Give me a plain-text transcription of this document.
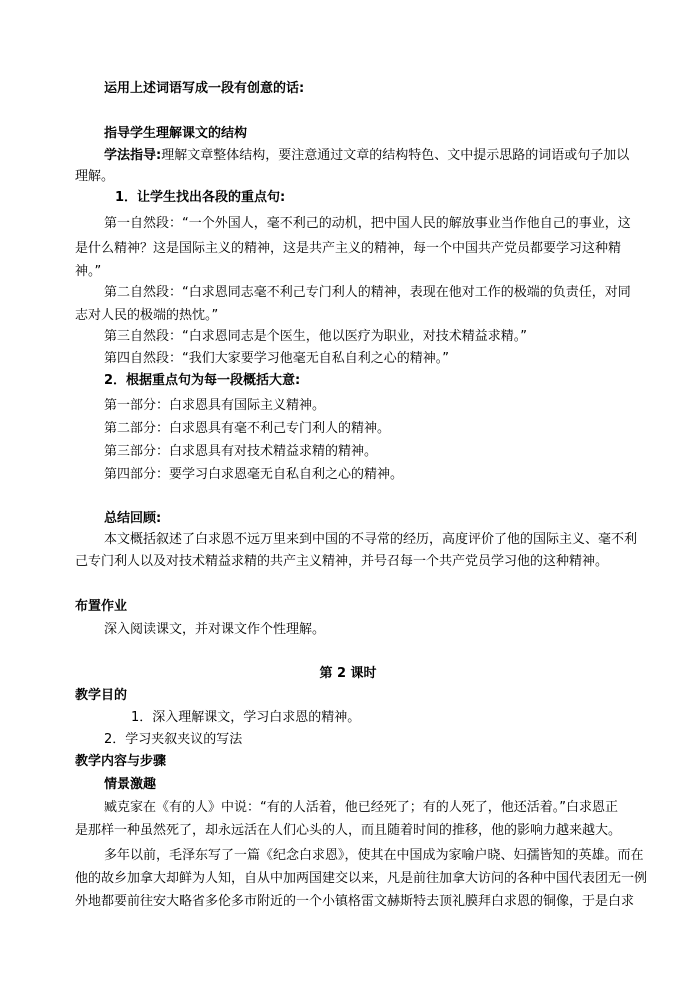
运用上述词语写成一段有创意的话:
指导学生理解课文的结构
学法指导:理解文章整体结构，要注意通过文章的结构特色、文中提示思路的词语或句子加以
理解。
1．让学生找出各段的重点句:
第一自然段：“一个外国人，毫不利己的动机，把中国人民的解放事业当作他自己的事业，这
是什么精神？这是国际主义的精神，这是共产主义的精神，每一个中国共产党员都要学习这种精
神。”
第二自然段：“白求恩同志毫不利己专门利人的精神，表现在他对工作的极端的负责任，对同
志对人民的极端的热忱。”
第三自然段：“白求恩同志是个医生，他以医疗为职业，对技术精益求精。”
第四自然段：“我们大家要学习他毫无自私自利之心的精神。”
2．根据重点句为每一段概括大意:
第一部分：白求恩具有国际主义精神。
第二部分：白求恩具有毫不利己专门利人的精神。
第三部分：白求恩具有对技术精益求精的精神。
第四部分：要学习白求恩毫无自私自利之心的精神。
总结回顾:
本文概括叙述了白求恩不远万里来到中国的不寻常的经历，高度评价了他的国际主义、毫不利
己专门利人以及对技术精益求精的共产主义精神，并号召每一个共产党员学习他的这种精神。
布置作业
深入阅读课文，并对课文作个性理解。
第 2 课时
教学目的
1．深入理解课文，学习白求恩的精神。
2．学习夹叙夹议的写法
教学内容与步骤
情景激趣
臧克家在《有的人》中说：“有的人活着，他已经死了；有的人死了，他还活着。”白求恩正
是那样一种虽然死了，却永远活在人们心头的人，而且随着时间的推移，他的影响力越来越大。
多年以前，毛泽东写了一篇《纪念白求恩》，使其在中国成为家喻户晓、妇孺皆知的英雄。而在
他的故乡加拿大却鲜为人知，自从中加两国建交以来，凡是前往加拿大访问的各种中国代表团无一例
外地都要前往安大略省多伦多市附近的一个小镇格雷文赫斯特去顶礼膜拜白求恩的铜像，于是白求
